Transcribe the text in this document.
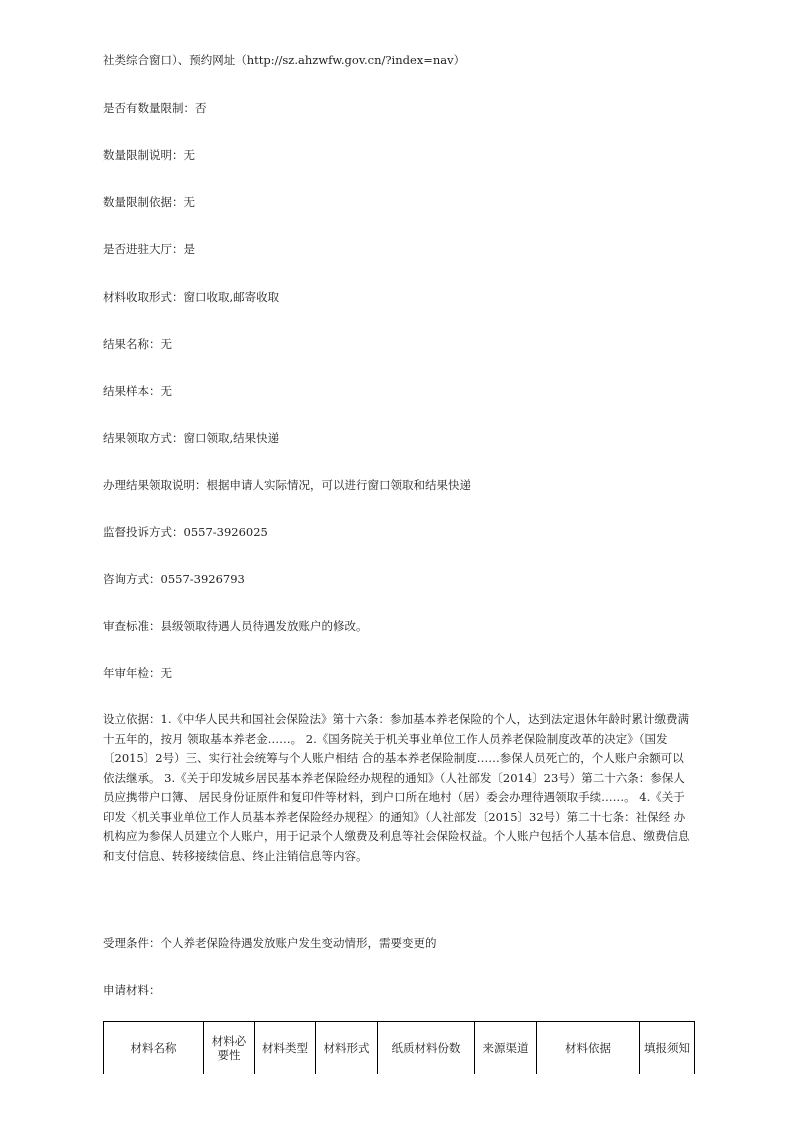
社类综合窗口）、预约网址（http://sz.ahzwfw.gov.cn/?index=nav）
是否有数量限制：否
数量限制说明：无
数量限制依据：无
是否进驻大厅：是
材料收取形式：窗口收取,邮寄收取
结果名称：无
结果样本：无
结果领取方式：窗口领取,结果快递
办理结果领取说明：根据申请人实际情况，可以进行窗口领取和结果快递
监督投诉方式：0557-3926025
咨询方式：0557-3926793
审查标准：县级领取待遇人员待遇发放账户的修改。
年审年检：无
设立依据：1.《中华人民共和国社会保险法》第十六条：参加基本养老保险的个人，达到法定退休年龄时累计缴费满十五年的，按月 领取基本养老金……。 2.《国务院关于机关事业单位工作人员养老保险制度改革的决定》（国发〔2015〕2号）三、实行社会统筹与个人账户相结 合的基本养老保险制度……参保人员死亡的，个人账户余额可以依法继承。 3.《关于印发城乡居民基本养老保险经办规程的通知》（人社部发〔2014〕23号）第二十六条：参保人员应携带户口簿、 居民身份证原件和复印件等材料，到户口所在地村（居）委会办理待遇领取手续……。 4.《关于印发〈机关事业单位工作人员基本养老保险经办规程〉的通知》（人社部发〔2015〕32号）第二十七条：社保经 办机构应为参保人员建立个人账户，用于记录个人缴费及利息等社会保险权益。个人账户包括个人基本信息、缴费信息 和支付信息、转移接续信息、终止注销信息等内容。
受理条件：个人养老保险待遇发放账户发生变动情形，需要变更的
申请材料：
材料名称	材料必要性	材料类型	材料形式	纸质材料份数	来源渠道	材料依据	填报须知
